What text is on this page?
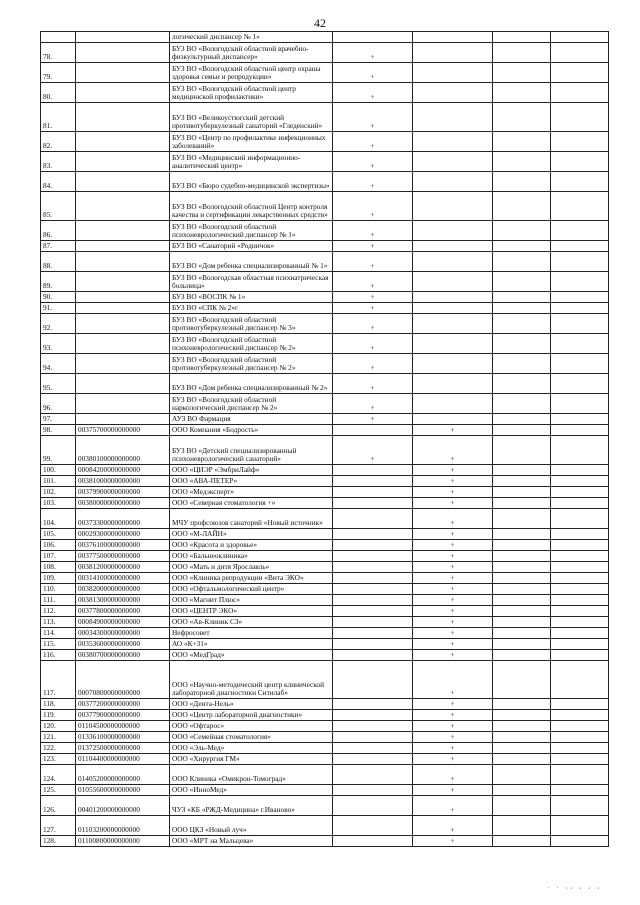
42
		логический диспансер № 1»				
78.		БУЗ ВО «Вологодский областной врачебно-физкультурный диспансер»	+			
79.		БУЗ ВО «Вологодский областной центр охраны здоровья семьи и репродукции»	+			
80.		БУЗ ВО «Вологодский областной центр медицинской профилактики»	+			
81.		БУЗ ВО «Великоустюгский детский противотуберкулезный санаторий «Гледенский»	+			
82.		БУЗ ВО «Центр по профилактике инфекционных заболеваний»	+			
83.		БУЗ ВО «Медицинский информационно-аналитический центр»	+			
84.		БУЗ ВО «Бюро судебно-медицинской экспертизы»	+			
85.		БУЗ ВО «Вологодский областной Центр контроля качества и сертификации лекарственных средств»	+			
86.		БУЗ ВО «Вологодский областной психоневрологический диспансер № 1»	+			
87.		БУЗ ВО «Санаторий «Родничок»	+			
88.		БУЗ ВО «Дом ребенка специализированный № 1»	+			
89.		БУЗ ВО «Вологодская областная психиатрическая больница»	+			
90.		БУЗ ВО «ВОСПК № 1»	+			
91.		БУЗ ВО «СПК № 2»г	+			
92.		БУЗ ВО «Вологодский областной противотуберкулезный диспансер № 3»	+			
93.		БУЗ ВО «Вологодский областной психоневрологический диспансер № 2»	+			
94.		БУЗ ВО «Вологодский областной противотуберкулезный диспансер № 2»	+			
95.		БУЗ ВО «Дом ребенка специализированный № 2»	+			
96.		БУЗ ВО «Вологодский областной наркологический диспансер № 2»	+			
97.		АУЗ ВО Фармация	+			
98.	00375700000000000	ООО Компания «Бодрость»		+		
99.	00380100000000000	БУЗ ВО «Детский специализированный психоневрологический санаторий»	+	+		
100.	00084200000000000	ООО «ЦИЭР «ЭмбриЛайф»		+		
101.	00381000000000000	ООО «АВА-ПЕТЕР»		+		
102.	00379900000000000	ООО «Медэксперт»		+		
103.	00380000000000000	ООО «Северная стоматология +»		+		
104.	00373300000000000	МЧУ профсоюзов санаторий «Новый источник»		+		
105.	00029300000000000	ООО «М-ЛАЙН»		+		
106.	00376100000000000	ООО «Красота и здоровье»		+		
107.	00377500000000000	ООО «Бальнеоклиника»		+		
108.	00381200000000000	ООО «Мать и дитя Ярославль»		+		
109.	00314100000000000	ООО «Клиника репродукции «Вита ЭКО»		+		
110.	00382000000000000	ООО «Офтальмологический центр»		+		
111.	00381300000000000	ООО «Магнит Плюс»		+		
112.	00377800000000000	ООО «ЦЕНТР ЭКО»		+		
113.	00084900000000000	ООО «Ав-Клиник СЗ»		+		
114.	00034300000000000	Нефросовет		+		
115.	00353600000000000	АО «К+31»		+		
116.	00380700000000000	ООО «МедГрад»		+		
117.	00070800000000000	ООО «Научно-методический центр клинической лабораторной диагностики Ситилаб»		+		
118.	00377200000000000	ООО «Дента-Нель»		+		
119.	00377900000000000	ООО «Центр лабораторной диагностики»		+		
120.	01104500000000000	ООО «Офтарос»		+		
121.	01336100000000000	ООО «Семейная стоматология»		+		
122.	01372500000000000	ООО «Эль-Мед»		+		
123.	01104400000000000	ООО «Хирургия ГМ»		+		
124.	01405200000000000	ООО Клиника «Омикрон-Томоград»		+		
125.	01055600000000000	ООО «ИнноМед»		+		
126.	00401200000000000	ЧУЗ «КБ «РЖД-Медицина» г.Иваново»		+		
127.	01103200000000000	ООО ЦКЗ «Новый луч»		+		
128.	01100800000000000	ООО «МРТ на Мальцева»		+		
. . ,, , , ,
